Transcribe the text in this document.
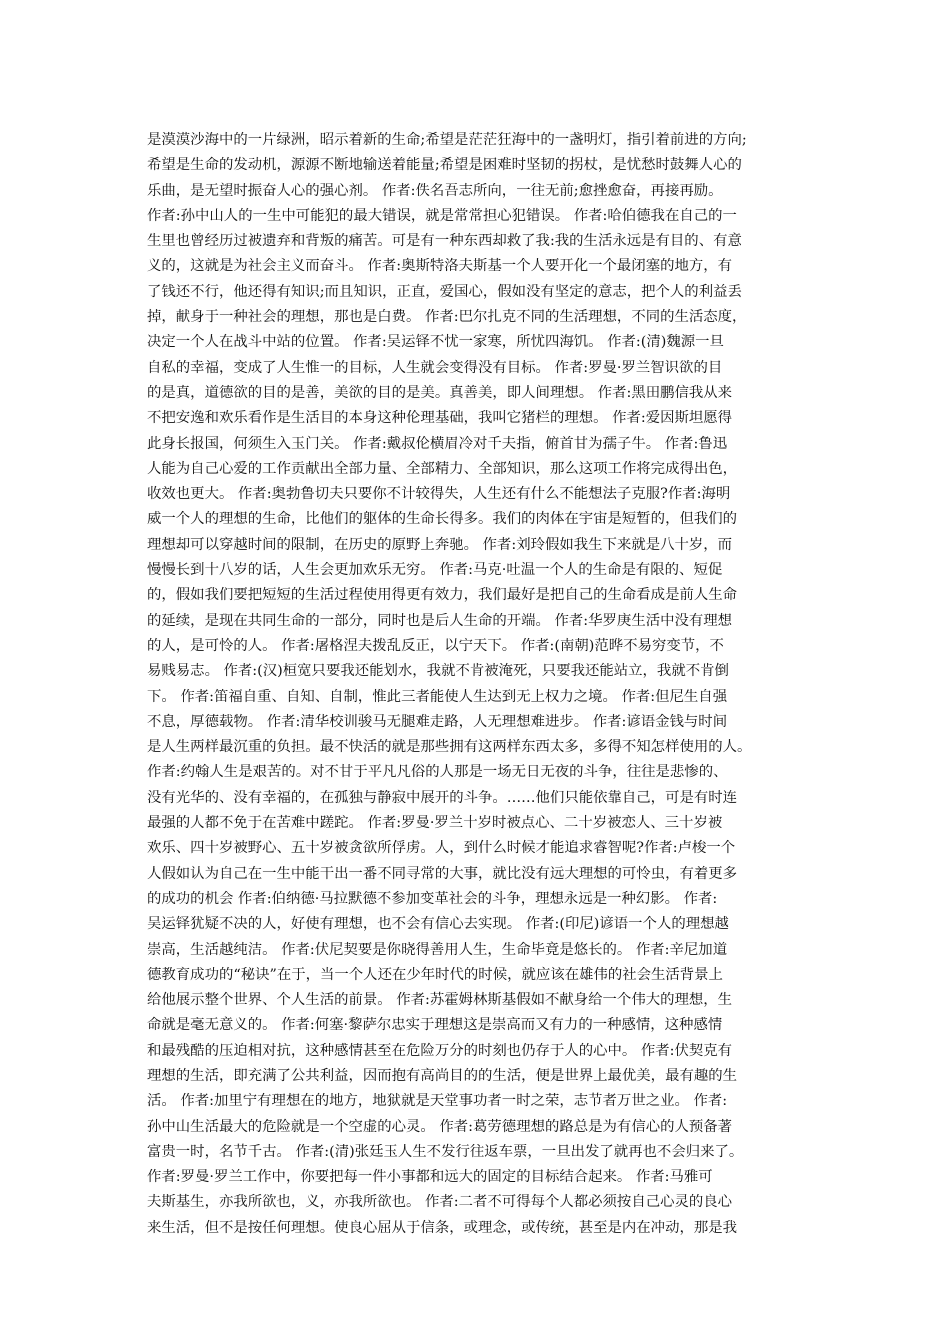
是漠漠沙海中的一片绿洲，昭示着新的生命;希望是茫茫狂海中的一盏明灯，指引着前进的方向;
希望是生命的发动机，源源不断地输送着能量;希望是困难时坚韧的拐杖，是忧愁时鼓舞人心的
乐曲，是无望时振奋人心的强心剂。 作者:佚名吾志所向，一往无前;愈挫愈奋，再接再励。
作者:孙中山人的一生中可能犯的最大错误，就是常常担心犯错误。 作者:哈伯德我在自己的一
生里也曾经历过被遗弃和背叛的痛苦。可是有一种东西却救了我:我的生活永远是有目的、有意
义的，这就是为社会主义而奋斗。 作者:奥斯特洛夫斯基一个人要开化一个最闭塞的地方，有
了钱还不行，他还得有知识;而且知识，正直，爱国心，假如没有坚定的意志，把个人的利益丢
掉，献身于一种社会的理想，那也是白费。 作者:巴尔扎克不同的生活理想，不同的生活态度，
决定一个人在战斗中站的位置。 作者:吴运铎不忧一家寒，所忧四海饥。 作者:(清)魏源一旦
自私的幸福，变成了人生惟一的目标，人生就会变得没有目标。 作者:罗曼·罗兰智识欲的目
的是真，道德欲的目的是善，美欲的目的是美。真善美，即人间理想。 作者:黑田鹏信我从来
不把安逸和欢乐看作是生活目的本身这种伦理基础，我叫它猪栏的理想。 作者:爱因斯坦愿得
此身长报国，何须生入玉门关。 作者:戴叔伦横眉冷对千夫指，俯首甘为孺子牛。 作者:鲁迅
人能为自己心爱的工作贡献出全部力量、全部精力、全部知识，那么这项工作将完成得出色，
收效也更大。 作者:奥勃鲁切夫只要你不计较得失，人生还有什么不能想法子克服?作者:海明
威一个人的理想的生命，比他们的躯体的生命长得多。我们的肉体在宇宙是短暂的，但我们的
理想却可以穿越时间的限制，在历史的原野上奔驰。 作者:刘玲假如我生下来就是八十岁，而
慢慢长到十八岁的话，人生会更加欢乐无穷。 作者:马克·吐温一个人的生命是有限的、短促
的，假如我们要把短短的生活过程使用得更有效力，我们最好是把自己的生命看成是前人生命
的延续，是现在共同生命的一部分，同时也是后人生命的开端。 作者:华罗庚生活中没有理想
的人，是可怜的人。 作者:屠格涅夫拨乱反正，以宁天下。 作者:(南朝)范晔不易穷变节，不
易贱易志。 作者:(汉)桓宽只要我还能划水，我就不肯被淹死，只要我还能站立，我就不肯倒
下。 作者:笛福自重、自知、自制，惟此三者能使人生达到无上权力之境。 作者:但尼生自强
不息，厚德载物。 作者:清华校训骏马无腿难走路，人无理想难进步。 作者:谚语金钱与时间
是人生两样最沉重的负担。最不快活的就是那些拥有这两样东西太多，多得不知怎样使用的人。
作者:约翰人生是艰苦的。对不甘于平凡凡俗的人那是一场无日无夜的斗争，往往是悲惨的、
没有光华的、没有幸福的，在孤独与静寂中展开的斗争。……他们只能依靠自己，可是有时连
最强的人都不免于在苦难中蹉跎。 作者:罗曼·罗兰十岁时被点心、二十岁被恋人、三十岁被
欢乐、四十岁被野心、五十岁被贪欲所俘虏。人，到什么时候才能追求睿智呢?作者:卢梭一个
人假如认为自己在一生中能干出一番不同寻常的大事，就比没有远大理想的可怜虫，有着更多
的成功的机会 作者:伯纳德·马拉默德不参加变革社会的斗争，理想永远是一种幻影。 作者:
吴运铎犹疑不决的人，好使有理想，也不会有信心去实现。 作者:(印尼)谚语一个人的理想越
崇高，生活越纯洁。 作者:伏尼契要是你晓得善用人生，生命毕竟是悠长的。 作者:辛尼加道
德教育成功的“秘诀”在于，当一个人还在少年时代的时候，就应该在雄伟的社会生活背景上
给他展示整个世界、个人生活的前景。 作者:苏霍姆林斯基假如不献身给一个伟大的理想，生
命就是毫无意义的。 作者:何塞·黎萨尔忠实于理想这是崇高而又有力的一种感情，这种感情
和最残酷的压迫相对抗，这种感情甚至在危险万分的时刻也仍存于人的心中。 作者:伏契克有
理想的生活，即充满了公共利益，因而抱有高尚目的的生活，便是世界上最优美，最有趣的生
活。 作者:加里宁有理想在的地方，地狱就是天堂事功者一时之荣，志节者万世之业。 作者:
孙中山生活最大的危险就是一个空虚的心灵。 作者:葛劳德理想的路总是为有信心的人预备著
富贵一时，名节千古。 作者:(清)张廷玉人生不发行往返车票，一旦出发了就再也不会归来了。
作者:罗曼·罗兰工作中，你要把每一件小事都和远大的固定的目标结合起来。 作者:马雅可
夫斯基生，亦我所欲也，义，亦我所欲也。 作者:二者不可得每个人都必须按自己心灵的良心
来生活，但不是按任何理想。使良心屈从于信条，或理念，或传统，甚至是内在冲动，那是我
